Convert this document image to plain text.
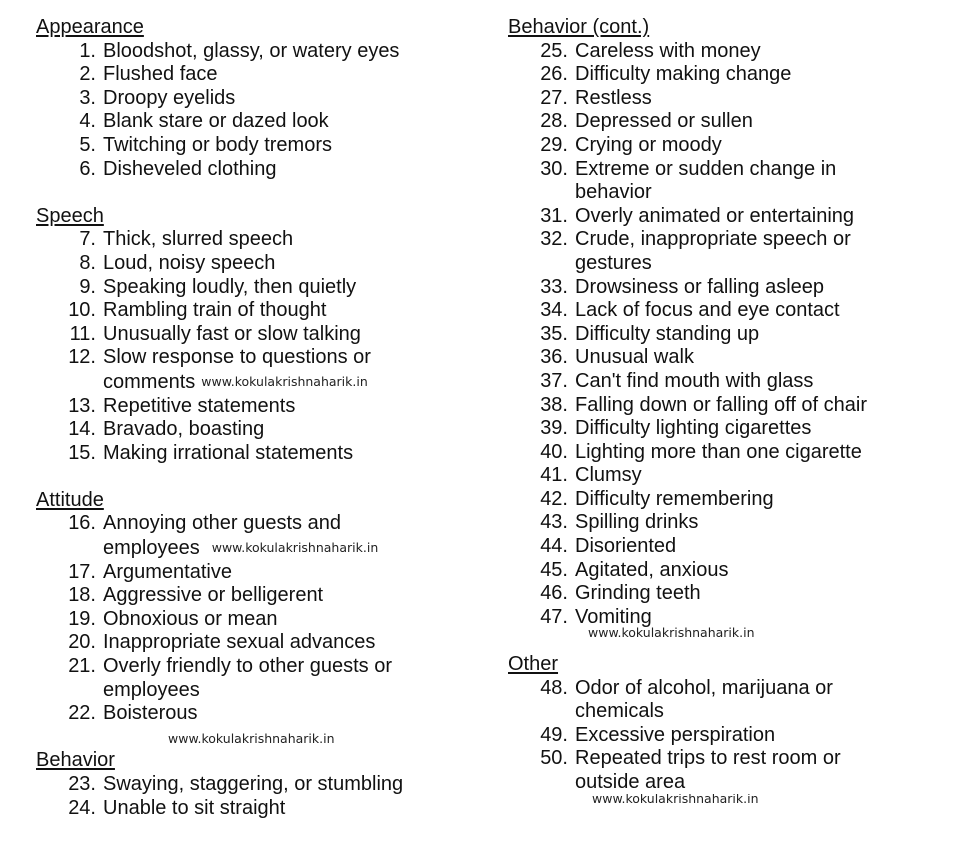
Appearance
1. Bloodshot, glassy, or watery eyes
2. Flushed face
3. Droopy eyelids
4. Blank stare or dazed look
5. Twitching or body tremors
6. Disheveled clothing
Speech
7. Thick, slurred speech
8. Loud, noisy speech
9. Speaking loudly, then quietly
10. Rambling train of thought
11. Unusually fast or slow talking
12. Slow response to questions or
comments www.kokulakrishnaharik.in
13. Repetitive statements
14. Bravado, boasting
15. Making irrational statements
Attitude
16. Annoying other guests and
employees www.kokulakrishnaharik.in
17. Argumentative
18. Aggressive or belligerent
19. Obnoxious or mean
20. Inappropriate sexual advances
21. Overly friendly to other guests or
employees
22. Boisterous
www.kokulakrishnaharik.in
Behavior
23. Swaying, staggering, or stumbling
24. Unable to sit straight
Behavior (cont.)
25. Careless with money
26. Difficulty making change
27. Restless
28. Depressed or sullen
29. Crying or moody
30. Extreme or sudden change in
behavior
31. Overly animated or entertaining
32. Crude, inappropriate speech or
gestures
33. Drowsiness or falling asleep
34. Lack of focus and eye contact
35. Difficulty standing up
36. Unusual walk
37. Can't find mouth with glass
38. Falling down or falling off of chair
39. Difficulty lighting cigarettes
40. Lighting more than one cigarette
41. Clumsy
42. Difficulty remembering
43. Spilling drinks
44. Disoriented
45. Agitated, anxious
46. Grinding teeth
47. Vomiting
www.kokulakrishnaharik.in
Other
48. Odor of alcohol, marijuana or
chemicals
49. Excessive perspiration
50. Repeated trips to rest room or
outside area
www.kokulakrishnaharik.in
